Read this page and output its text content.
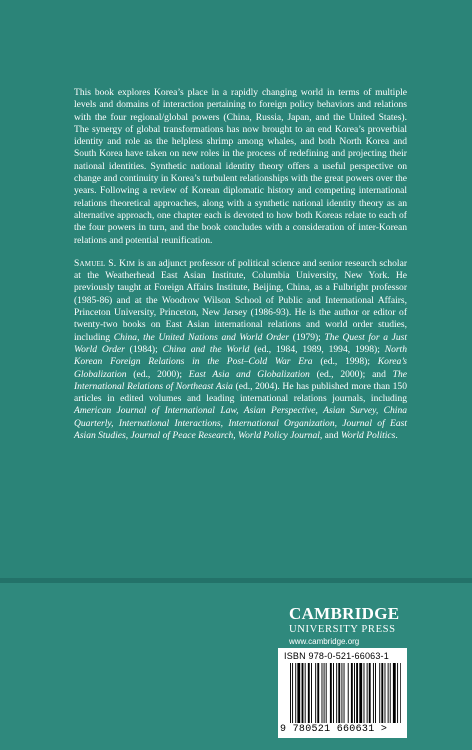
This book explores Korea’s place in a rapidly changing world in terms of multiple levels and domains of interaction pertaining to foreign policy behaviors and relations with the four regional/global powers (China, Russia, Japan, and the United States). The synergy of global transformations has now brought to an end Korea’s proverbial identity and role as the helpless shrimp among whales, and both North Korea and South Korea have taken on new roles in the process of redefining and projecting their national identities. Synthetic national identity theory offers a useful perspective on change and continuity in Korea’s turbulent relationships with the great powers over the years. Following a review of Korean diplomatic history and competing international relations theoretical approaches, along with a synthetic national identity theory as an alternative approach, one chapter each is devoted to how both Koreas relate to each of the four powers in turn, and the book concludes with a consideration of inter-Korean relations and potential reunification.

Samuel S. Kim is an adjunct professor of political science and senior research scholar at the Weatherhead East Asian Institute, Columbia University, New York. He previously taught at Foreign Affairs Institute, Beijing, China, as a Fulbright professor (1985-86) and at the Woodrow Wilson School of Public and International Affairs, Princeton University, Princeton, New Jersey (1986-93). He is the author or editor of twenty-two books on East Asian international relations and world order studies, including China, the United Nations and World Order (1979); The Quest for a Just World Order (1984); China and the World (ed., 1984, 1989, 1994, 1998); North Korean Foreign Relations in the Post–Cold War Era (ed., 1998); Korea’s Globalization (ed., 2000); East Asia and Globalization (ed., 2000); and The International Relations of Northeast Asia (ed., 2004). He has published more than 150 articles in edited volumes and leading international relations journals, including American Journal of International Law, Asian Perspective, Asian Survey, China Quarterly, International Interactions, International Organization, Journal of East Asian Studies, Journal of Peace Research, World Policy Journal, and World Politics.

CAMBRIDGE
UNIVERSITY PRESS
www.cambridge.org
ISBN 978-0-521-66063-1
9 780521 660631 >
